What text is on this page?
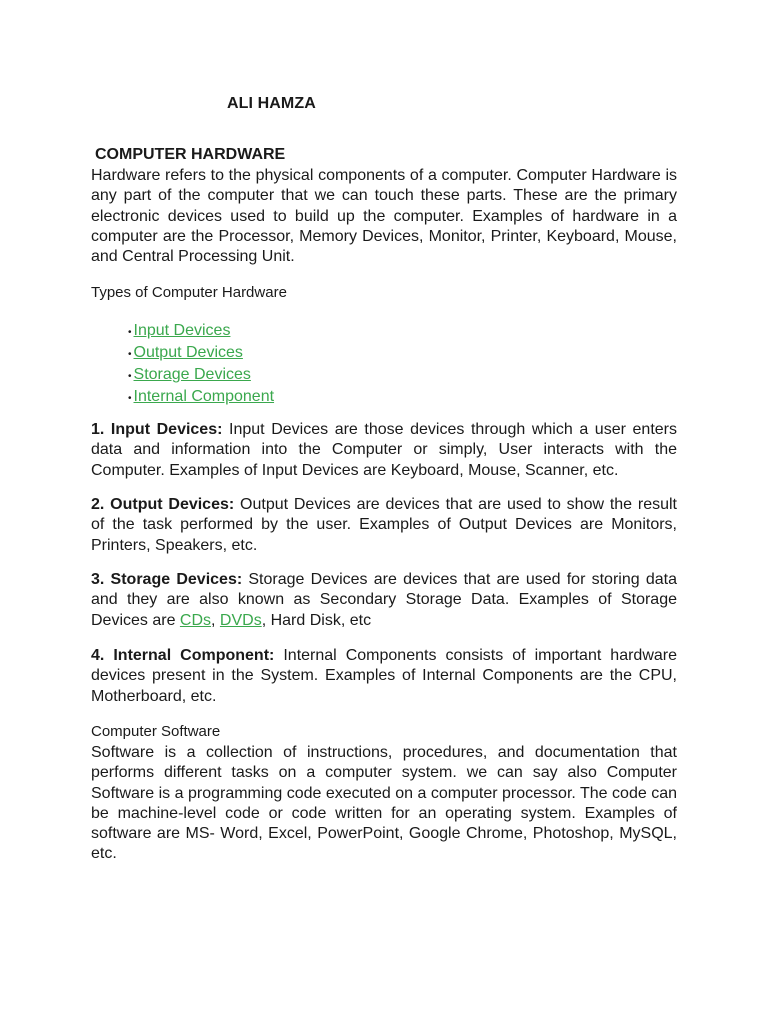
ALI HAMZA
COMPUTER HARDWARE

Hardware refers to the physical components of a computer. Computer Hardware is any part of the computer that we can touch these parts. These are the primary electronic devices used to build up the computer. Examples of hardware in a computer are the Processor, Memory Devices, Monitor, Printer, Keyboard, Mouse, and Central Processing Unit.

Types of Computer Hardware
• Input Devices
• Output Devices
• Storage Devices
• Internal Component

1. Input Devices: Input Devices are those devices through which a user enters data and information into the Computer or simply, User interacts with the Computer. Examples of Input Devices are Keyboard, Mouse, Scanner, etc.

2. Output Devices: Output Devices are devices that are used to show the result of the task performed by the user. Examples of Output Devices are Monitors, Printers, Speakers, etc.

3. Storage Devices: Storage Devices are devices that are used for storing data and they are also known as Secondary Storage Data. Examples of Storage Devices are CDs, DVDs, Hard Disk, etc

4. Internal Component: Internal Components consists of important hardware devices present in the System. Examples of Internal Components are the CPU, Motherboard, etc.

Computer Software

Software is a collection of instructions, procedures, and documentation that performs different tasks on a computer system. we can say also Computer Software is a programming code executed on a computer processor. The code can be machine-level code or code written for an operating system. Examples of software are MS- Word, Excel, PowerPoint, Google Chrome, Photoshop, MySQL, etc.
